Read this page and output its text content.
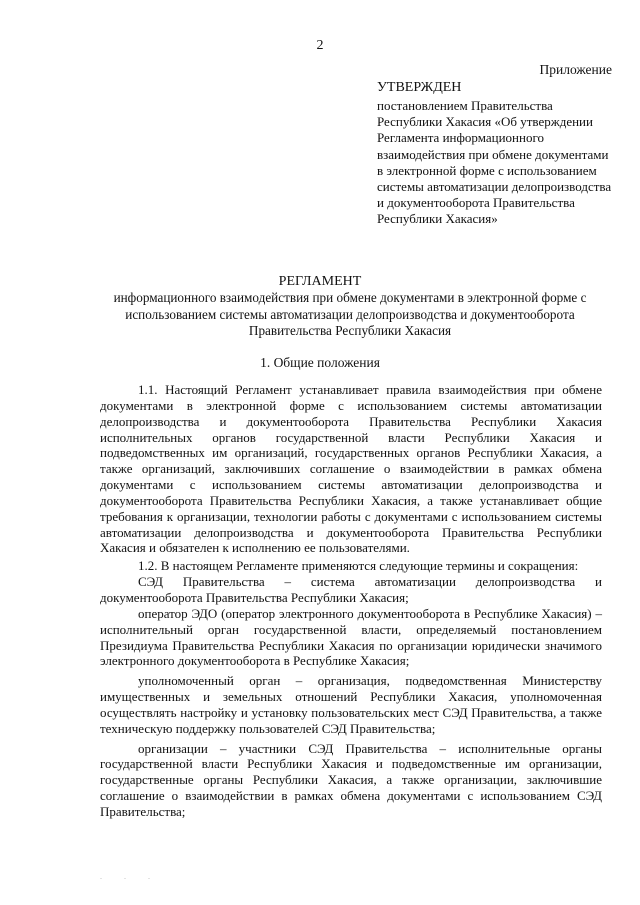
2
Приложение
УТВЕРЖДЕН

постановлением Правительства Республики Хакасия «Об утверждении Регламента информационного взаимодействия при обмене документами в электронной форме с использованием системы автоматизации делопроизводства и документооборота Правительства Республики Хакасия»

РЕГЛАМЕНТ

информационного взаимодействия при обмене документами в электронной форме с использованием системы автоматизации делопроизводства и документооборота Правительства Республики Хакасия

1. Общие положения

1.1. Настоящий Регламент устанавливает правила взаимодействия при обмене документами в электронной форме с использованием системы автоматизации делопроизводства и документооборота Правительства Республики Хакасия исполнительных органов государственной власти Республики Хакасия и подведомственных им организаций, государственных органов Республики Хакасия, а также организаций, заключивших соглашение о взаимодействии в рамках обмена документами с использованием системы автоматизации делопроизводства и документооборота Правительства Республики Хакасия, а также устанавливает общие требования к организации, технологии работы с документами с использованием системы автоматизации делопроизводства и документооборота Правительства Республики Хакасия и обязателен к исполнению ее пользователями.

1.2. В настоящем Регламенте применяются следующие термины и сокращения:

СЭД Правительства – система автоматизации делопроизводства и документооборота Правительства Республики Хакасия;

оператор ЭДО (оператор электронного документооборота в Республике Хакасия) – исполнительный орган государственной власти, определяемый постановлением Президиума Правительства Республики Хакасия по организации юридически значимого электронного документооборота в Республике Хакасия;

уполномоченный орган – организация, подведомственная Министерству имущественных и земельных отношений Республики Хакасия, уполномоченная осуществлять настройку и установку пользовательских мест СЭД Правительства, а также техническую поддержку пользователей СЭД Правительства;

организации – участники СЭД Правительства – исполнительные органы государственной власти Республики Хакасия и подведомственные им организации, государственные органы Республики Хакасия, а также организации, заключившие соглашение о взаимодействии в рамках обмена документами с использованием СЭД Правительства;

. . .
